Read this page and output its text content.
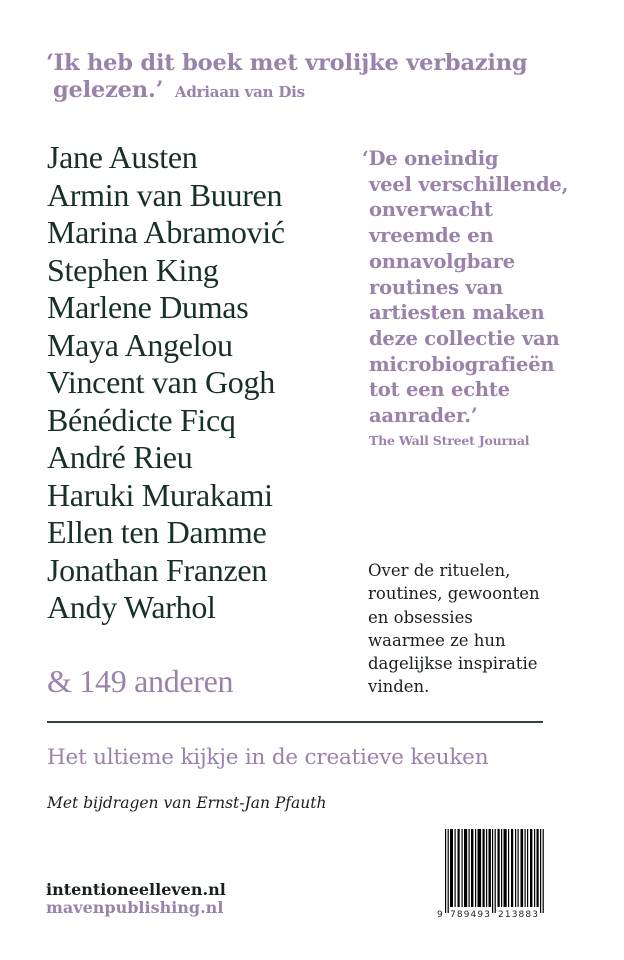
‘Ik heb dit boek met vrolijke verbazing
gelezen.’ Adriaan van Dis
Jane Austen
Armin van Buuren
Marina Abramović
Stephen King
Marlene Dumas
Maya Angelou
Vincent van Gogh
Bénédicte Ficq
André Rieu
Haruki Murakami
Ellen ten Damme
Jonathan Franzen
Andy Warhol
& 149 anderen
‘De oneindig
veel verschillende,
onverwacht
vreemde en
onnavolgbare
routines van
artiesten maken
deze collectie van
microbiografieën
tot een echte
aanrader.’
The Wall Street Journal
Over de rituelen,
routines, gewoonten
en obsessies
waarmee ze hun
dagelijkse inspiratie
vinden.
Het ultieme kijkje in de creatieve keuken
Met bijdragen van Ernst-Jan Pfauth
intentioneelleven.nl
mavenpublishing.nl	9 789493 213883
